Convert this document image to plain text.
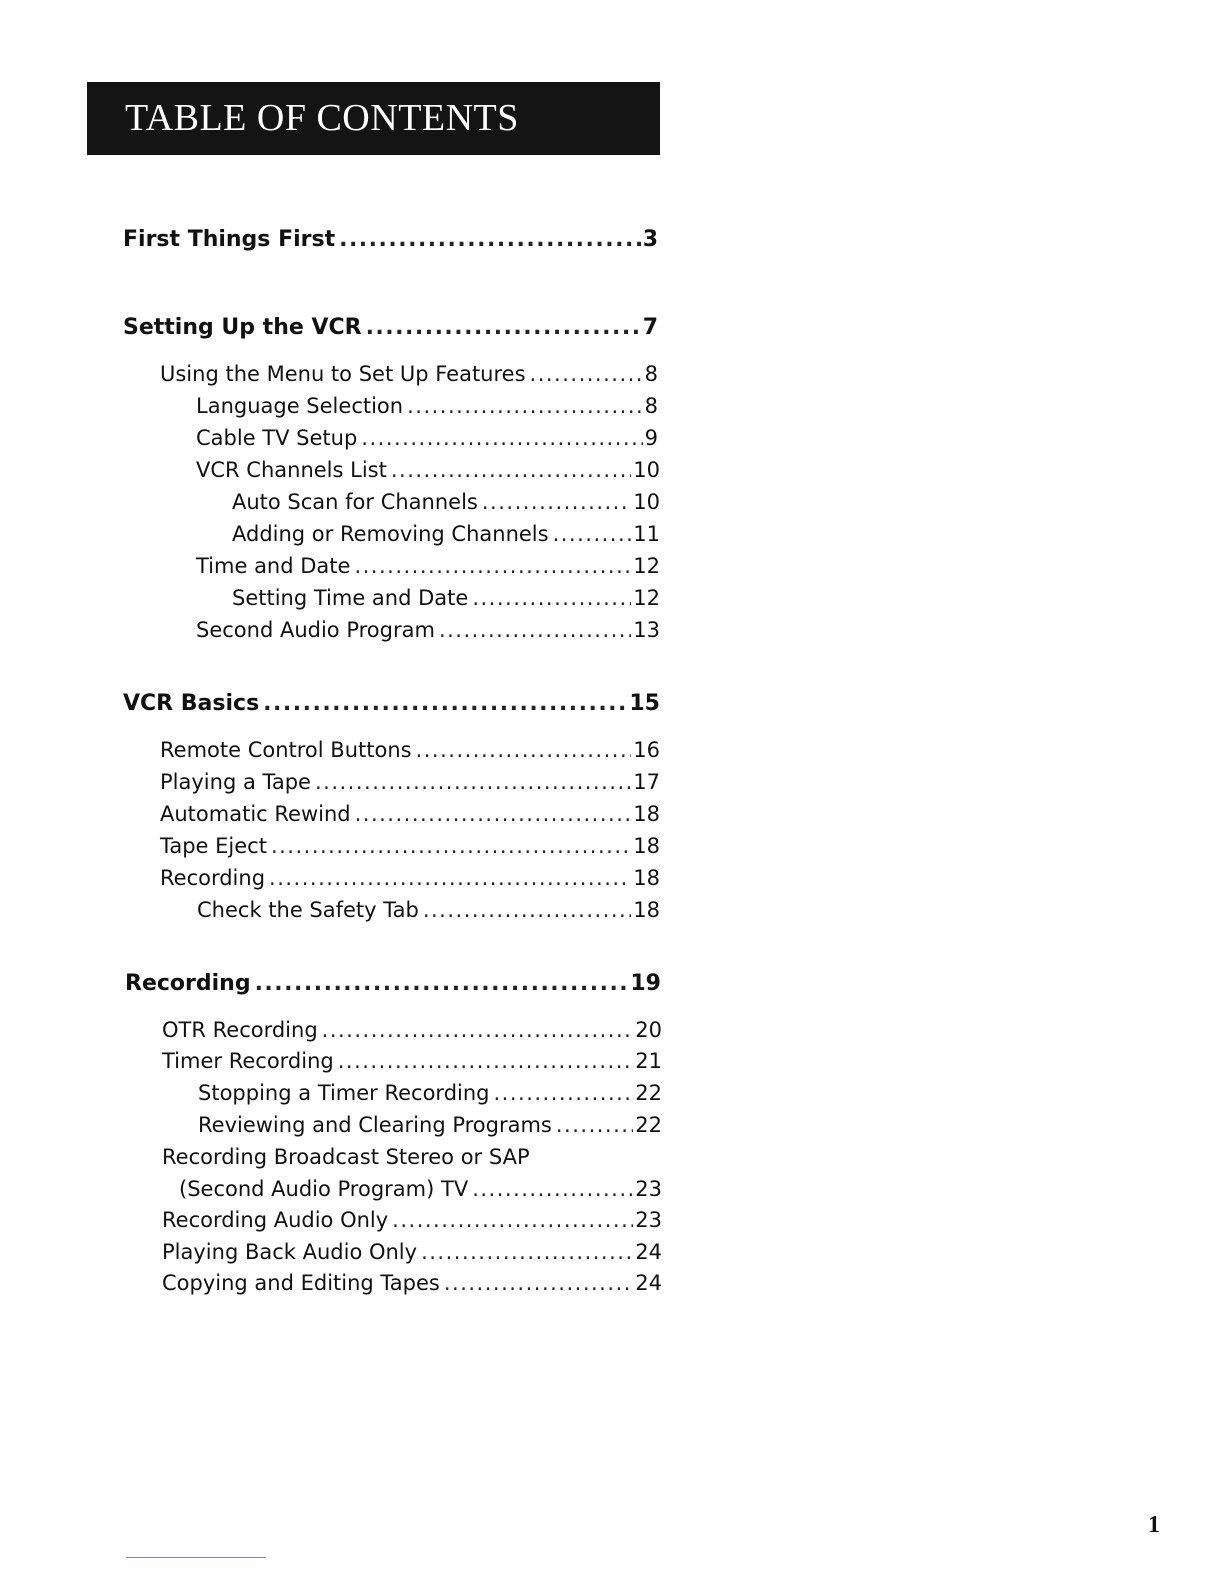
TABLE OF CONTENTS
First Things First .....	3
Setting Up the VCR .....	7
Using the Menu to Set Up Features .....	8
Language Selection .....	8
Cable TV Setup .....	9
VCR Channels List .....	10
Auto Scan for Channels .....	10
Adding or Removing Channels .....	11
Time and Date .....	12
Setting Time and Date .....	12
Second Audio Program .....	13
VCR Basics .....	15
Remote Control Buttons .....	16
Playing a Tape .....	17
Automatic Rewind .....	18
Tape Eject .....	18
Recording .....	18
Check the Safety Tab .....	18
Recording .....	19
OTR Recording .....	20
Timer Recording .....	21
Stopping a Timer Recording .....	22
Reviewing and Clearing Programs .....	22
Recording Broadcast Stereo or SAP
(Second Audio Program) TV .....	23
Recording Audio Only .....	23
Playing Back Audio Only .....	24
Copying and Editing Tapes .....	24
1
